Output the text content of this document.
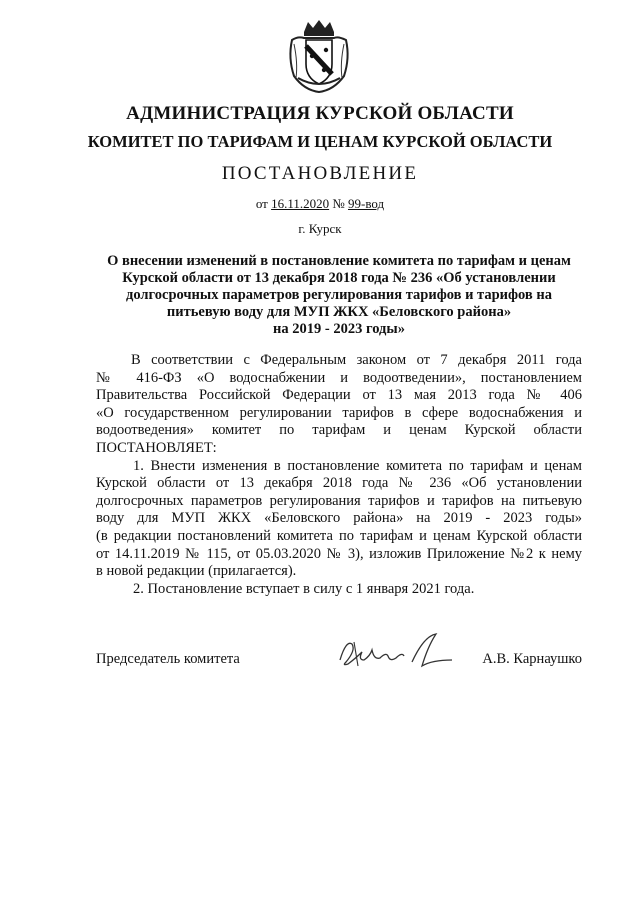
АДМИНИСТРАЦИЯ КУРСКОЙ ОБЛАСТИ
КОМИТЕТ ПО ТАРИФАМ И ЦЕНАМ КУРСКОЙ ОБЛАСТИ
ПОСТАНОВЛЕНИЕ
от 16.11.2020 № 99-вод
г. Курск
О внесении изменений в постановление комитета по тарифам и ценам
Курской области от 13 декабря 2018 года № 236 «Об установлении
долгосрочных параметров регулирования тарифов и тарифов на
питьевую воду для МУП ЖКХ «Беловского района»
на 2019 - 2023 годы»
В соответствии с Федеральным законом от 7 декабря 2011 года
№ 416-ФЗ «О водоснабжении и водоотведении», постановлением
Правительства Российской Федерации от 13 мая 2013 года № 406
«О государственном регулировании тарифов в сфере водоснабжения и
водоотведения» комитет по тарифам и ценам Курской области
ПОСТАНОВЛЯЕТ:
1. Внести изменения в постановление комитета по тарифам и ценам
Курской области от 13 декабря 2018 года № 236 «Об установлении
долгосрочных параметров регулирования тарифов и тарифов на питьевую
воду для МУП ЖКХ «Беловского района» на 2019 - 2023 годы»
(в редакции постановлений комитета по тарифам и ценам Курской области
от 14.11.2019 № 115, от 05.03.2020 № 3), изложив Приложение №2 к нему
в новой редакции (прилагается).
2. Постановление вступает в силу с 1 января 2021 года.
Председатель комитета	А.В. Карнаушко
